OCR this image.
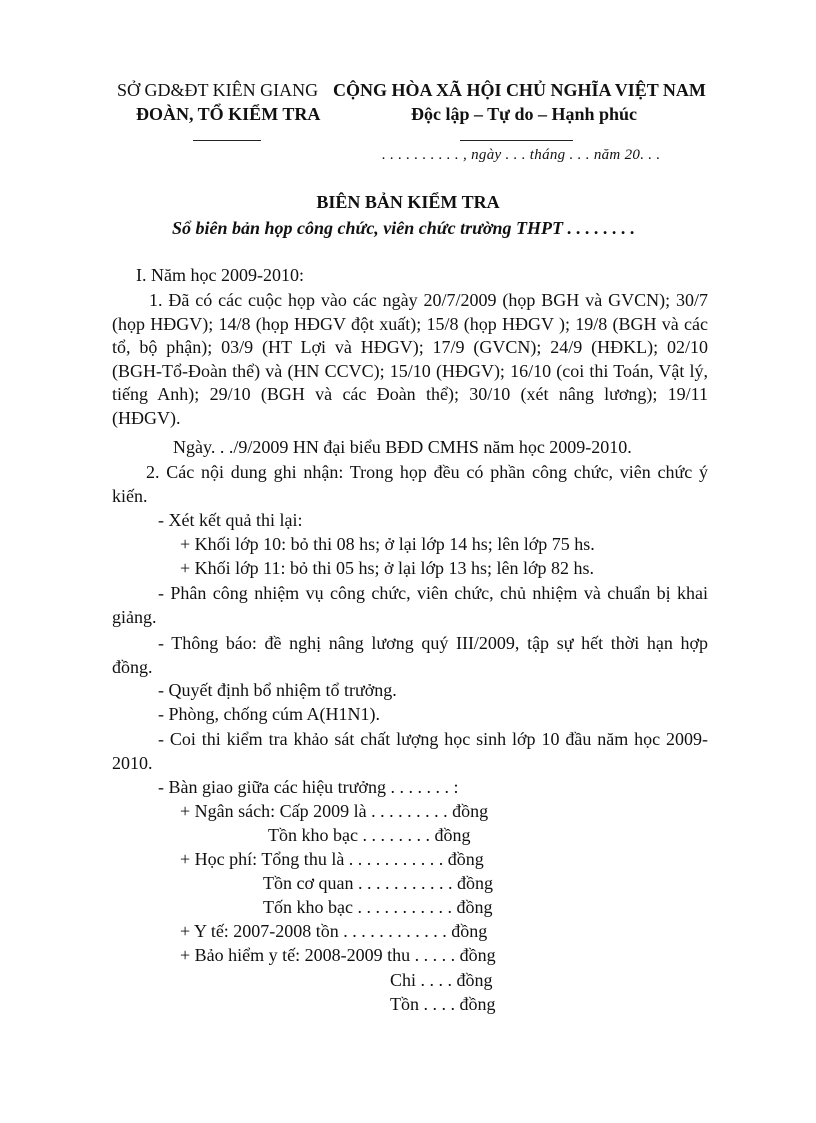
SỞ GD&ĐT KIÊN GIANG
ĐOÀN, TỔ KIỂM TRA
CỘNG HÒA XÃ HỘI CHỦ NGHĨA VIỆT NAM
Độc lập – Tự do – Hạnh phúc
. . . . . . . . . . , ngày . . . tháng . . . năm 20. . .
BIÊN BẢN KIỂM TRA
Sổ biên bản họp công chức, viên chức trường THPT . . . . . . . .
I. Năm học 2009-2010:
1. Đã có các cuộc họp vào các ngày 20/7/2009 (họp BGH và GVCN); 30/7 (họp HĐGV); 14/8 (họp HĐGV đột xuất); 15/8 (họp HĐGV ); 19/8 (BGH và các tổ, bộ phận); 03/9 (HT Lợi và HĐGV); 17/9 (GVCN); 24/9 (HĐKL); 02/10 (BGH-Tổ-Đoàn thể) và (HN CCVC); 15/10 (HĐGV); 16/10 (coi thi Toán, Vật lý, tiếng Anh); 29/10 (BGH và các Đoàn thể); 30/10 (xét nâng lương); 19/11 (HĐGV).
Ngày. . ./9/2009 HN đại biểu BĐD CMHS năm học 2009-2010.
2. Các nội dung ghi nhận: Trong họp đều có phần công chức, viên chức ý kiến.
- Xét kết quả thi lại:
+ Khối lớp 10: bỏ thi 08 hs; ở lại lớp 14 hs; lên lớp 75 hs.
+ Khối lớp 11: bỏ thi 05 hs; ở lại lớp 13 hs; lên lớp 82 hs.
- Phân công nhiệm vụ công chức, viên chức, chủ nhiệm và chuẩn bị khai giảng.
- Thông báo: đề nghị nâng lương quý III/2009, tập sự hết thời hạn hợp đồng.
- Quyết định bổ nhiệm tổ trưởng.
- Phòng, chống cúm A(H1N1).
- Coi thi kiểm tra khảo sát chất lượng học sinh lớp 10 đầu năm học 2009-2010.
- Bàn giao giữa các hiệu trưởng . . . . . . . :
+ Ngân sách: Cấp 2009 là . . . . . . . . . đồng
Tồn kho bạc . . . . . . . . đồng
+ Học phí: Tổng thu là . . . . . . . . . . . đồng
Tồn cơ quan . . . . . . . . . . . đồng
Tốn kho bạc . . . . . . . . . . . đồng
+ Y tế: 2007-2008 tồn . . . . . . . . . . . . đồng
+ Bảo hiểm y tế: 2008-2009 thu . . . . . đồng
Chi . . . . đồng
Tồn . . . . đồng
